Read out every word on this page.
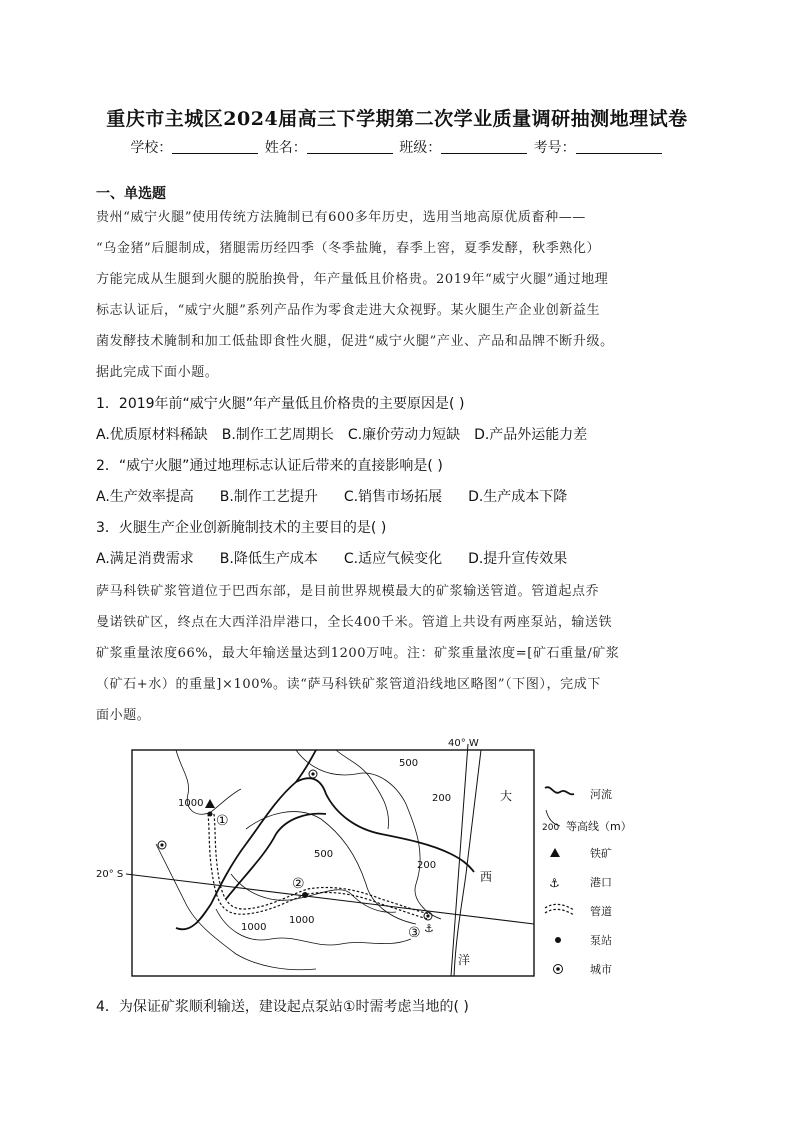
重庆市主城区2024届高三下学期第二次学业质量调研抽测地理试卷
学校：	姓名：	班级：	考号：
一、单选题
贵州“威宁火腿”使用传统方法腌制已有600多年历史，选用当地高原优质畜种——
“乌金猪”后腿制成，猪腿需历经四季（冬季盐腌，春季上窖，夏季发酵，秋季熟化）
方能完成从生腿到火腿的脱胎换骨，年产量低且价格贵。2019年“威宁火腿”通过地理
标志认证后，“威宁火腿”系列产品作为零食走进大众视野。某火腿生产企业创新益生
菌发酵技术腌制和加工低盐即食性火腿，促进“威宁火腿”产业、产品和品牌不断升级。
据此完成下面小题。
1．2019年前“威宁火腿”年产量低且价格贵的主要原因是( )
A.优质原材料稀缺 B.制作工艺周期长 C.廉价劳动力短缺 D.产品外运能力差
2．“威宁火腿”通过地理标志认证后带来的直接影响是( )
A.生产效率提高 B.制作工艺提升 C.销售市场拓展 D.生产成本下降
3．火腿生产企业创新腌制技术的主要目的是( )
A.满足消费需求 B.降低生产成本 C.适应气候变化 D.提升宣传效果
萨马科铁矿浆管道位于巴西东部，是目前世界规模最大的矿浆输送管道。管道起点乔
曼诺铁矿区，终点在大西洋沿岸港口，全长400千米。管道上共设有两座泵站，输送铁
矿浆重量浓度66%，最大年输送量达到1200万吨。注：矿浆重量浓度=[矿石重量/矿浆
（矿石+水）的重量]×100%。读“萨马科铁矿浆管道沿线地区略图”（下图），完成下
面小题。
40° W
20° S
500
200
1000
500
200
1000
1000
大
西
洋
①
②
③ ⚓
河流
200 等高线（m）
铁矿
⚓	港口
管道
泵站
城市
4．为保证矿浆顺利输送，建设起点泵站①时需考虑当地的( )
